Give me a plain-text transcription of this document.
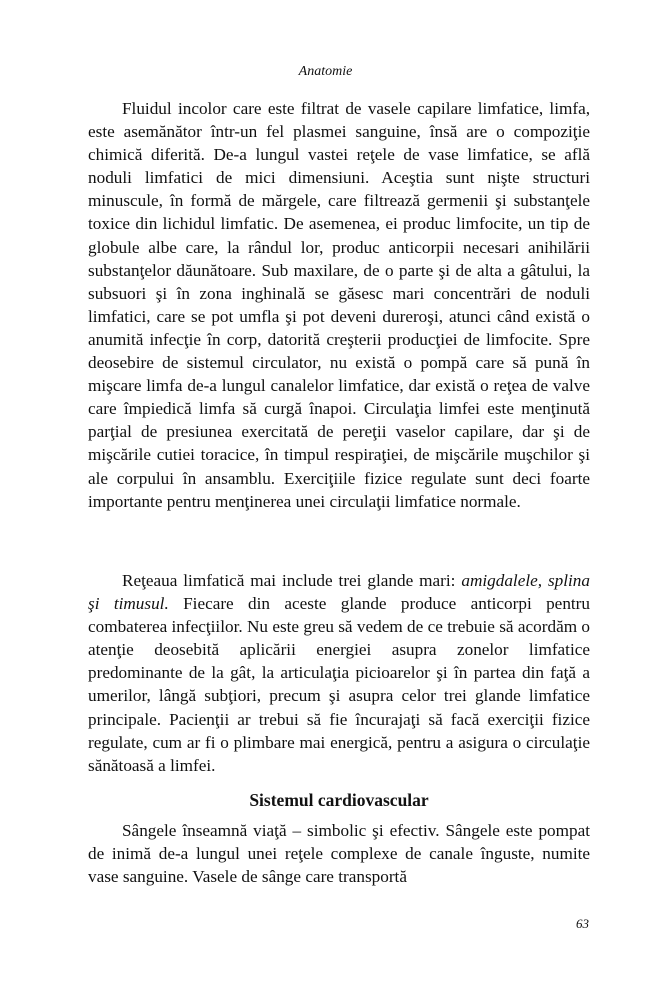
Anatomie

Fluidul incolor care este filtrat de vasele capilare limfatice, limfa, este asemănător într-un fel plasmei sanguine, însă are o compoziţie chimică diferită. De-a lungul vastei reţele de vase limfatice, se află noduli limfatici de mici dimensiuni. Aceştia sunt nişte structuri minuscule, în formă de mărgele, care filtrează germenii şi substanţele toxice din lichidul limfatic. De asemenea, ei produc limfocite, un tip de globule albe care, la rândul lor, produc anticorpii necesari anihilării substanţelor dăunătoare. Sub maxilare, de o parte şi de alta a gâtului, la subsuori şi în zona inghinală se găsesc mari concentrări de noduli limfatici, care se pot umfla şi pot deveni dureroşi, atunci când există o anumită infecţie în corp, datorită creşterii producţiei de limfocite. Spre deosebire de sistemul circulator, nu există o pompă care să pună în mişcare limfa de-a lungul canalelor limfatice, dar există o reţea de valve care împiedică limfa să curgă înapoi. Circulaţia limfei este menţinută parţial de presiunea exercitată de pereţii vaselor capilare, dar şi de mişcările cutiei toracice, în timpul respiraţiei, de mişcările muşchilor şi ale corpului în ansamblu. Exerciţiile fizice regulate sunt deci foarte importante pentru menţinerea unei circulaţii limfatice normale.

Reţeaua limfatică mai include trei glande mari: amigdalele, splina şi timusul. Fiecare din aceste glande produce anticorpi pentru combaterea infecţiilor. Nu este greu să vedem de ce trebuie să acordăm o atenţie deosebită aplicării energiei asupra zonelor limfatice predominante de la gât, la articulaţia picioarelor şi în partea din faţă a umerilor, lângă subţiori, precum şi asupra celor trei glande limfatice principale. Pacienţii ar trebui să fie încurajaţi să facă exerciţii fizice regulate, cum ar fi o plimbare mai energică, pentru a asigura o circulaţie sănătoasă a limfei.

Sistemul cardiovascular

Sângele înseamnă viaţă – simbolic şi efectiv. Sângele este pompat de inimă de-a lungul unei reţele complexe de canale înguste, numite vase sanguine. Vasele de sânge care transportă

63
